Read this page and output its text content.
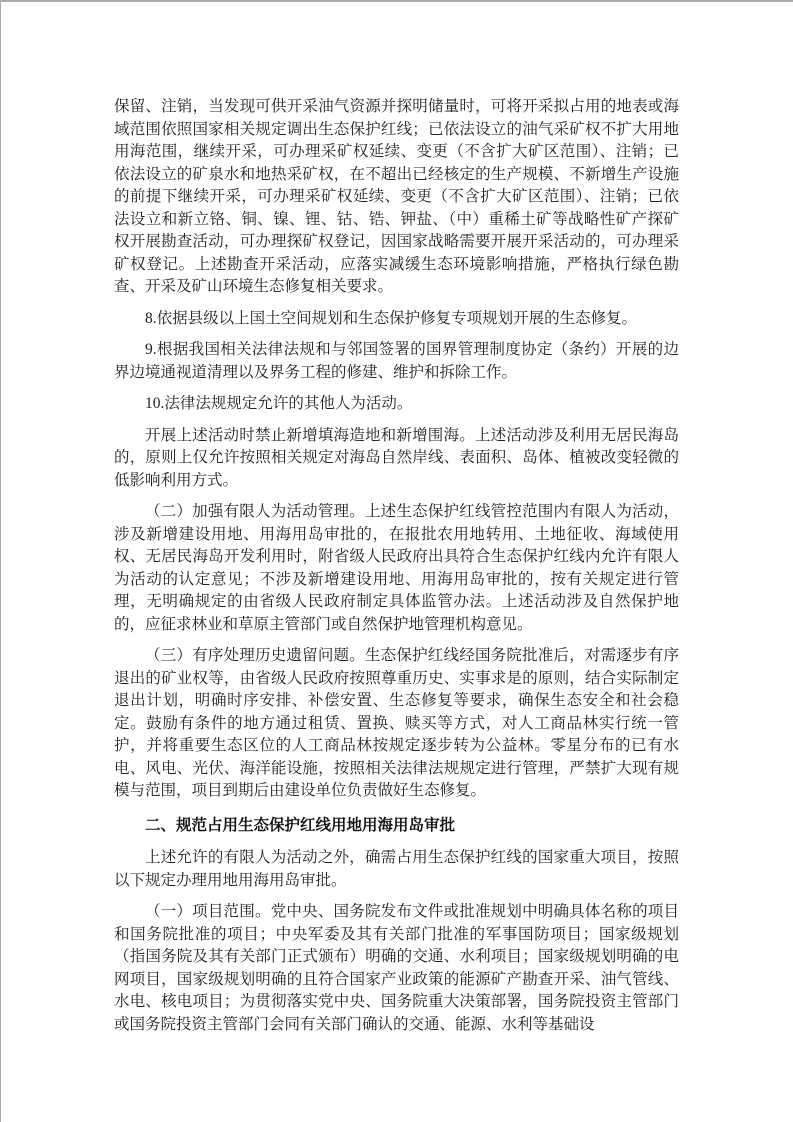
保留、注销，当发现可供开采油气资源并探明储量时，可将开采拟占用的地表或海域范围依照国家相关规定调出生态保护红线；已依法设立的油气采矿权不扩大用地用海范围，继续开采，可办理采矿权延续、变更（不含扩大矿区范围）、注销；已依法设立的矿泉水和地热采矿权，在不超出已经核定的生产规模、不新增生产设施的前提下继续开采，可办理采矿权延续、变更（不含扩大矿区范围）、注销；已依法设立和新立铬、铜、镍、锂、钴、锆、钾盐、（中）重稀土矿等战略性矿产探矿权开展勘查活动，可办理探矿权登记，因国家战略需要开展开采活动的，可办理采矿权登记。上述勘查开采活动，应落实减缓生态环境影响措施，严格执行绿色勘查、开采及矿山环境生态修复相关要求。

8.依据县级以上国土空间规划和生态保护修复专项规划开展的生态修复。

9.根据我国相关法律法规和与邻国签署的国界管理制度协定（条约）开展的边界边境通视道清理以及界务工程的修建、维护和拆除工作。

10.法律法规规定允许的其他人为活动。

开展上述活动时禁止新增填海造地和新增围海。上述活动涉及利用无居民海岛的，原则上仅允许按照相关规定对海岛自然岸线、表面积、岛体、植被改变轻微的低影响利用方式。

（二）加强有限人为活动管理。上述生态保护红线管控范围内有限人为活动，涉及新增建设用地、用海用岛审批的，在报批农用地转用、土地征收、海域使用权、无居民海岛开发利用时，附省级人民政府出具符合生态保护红线内允许有限人为活动的认定意见；不涉及新增建设用地、用海用岛审批的，按有关规定进行管理，无明确规定的由省级人民政府制定具体监管办法。上述活动涉及自然保护地的，应征求林业和草原主管部门或自然保护地管理机构意见。

（三）有序处理历史遗留问题。生态保护红线经国务院批准后，对需逐步有序退出的矿业权等，由省级人民政府按照尊重历史、实事求是的原则，结合实际制定退出计划，明确时序安排、补偿安置、生态修复等要求，确保生态安全和社会稳定。鼓励有条件的地方通过租赁、置换、赎买等方式，对人工商品林实行统一管护，并将重要生态区位的人工商品林按规定逐步转为公益林。零星分布的已有水电、风电、光伏、海洋能设施，按照相关法律法规规定进行管理，严禁扩大现有规模与范围，项目到期后由建设单位负责做好生态修复。

二、规范占用生态保护红线用地用海用岛审批

上述允许的有限人为活动之外，确需占用生态保护红线的国家重大项目，按照以下规定办理用地用海用岛审批。

（一）项目范围。党中央、国务院发布文件或批准规划中明确具体名称的项目和国务院批准的项目；中央军委及其有关部门批准的军事国防项目；国家级规划（指国务院及其有关部门正式颁布）明确的交通、水利项目；国家级规划明确的电网项目，国家级规划明确的且符合国家产业政策的能源矿产勘查开采、油气管线、水电、核电项目；为贯彻落实党中央、国务院重大决策部署，国务院投资主管部门或国务院投资主管部门会同有关部门确认的交通、能源、水利等基础设
